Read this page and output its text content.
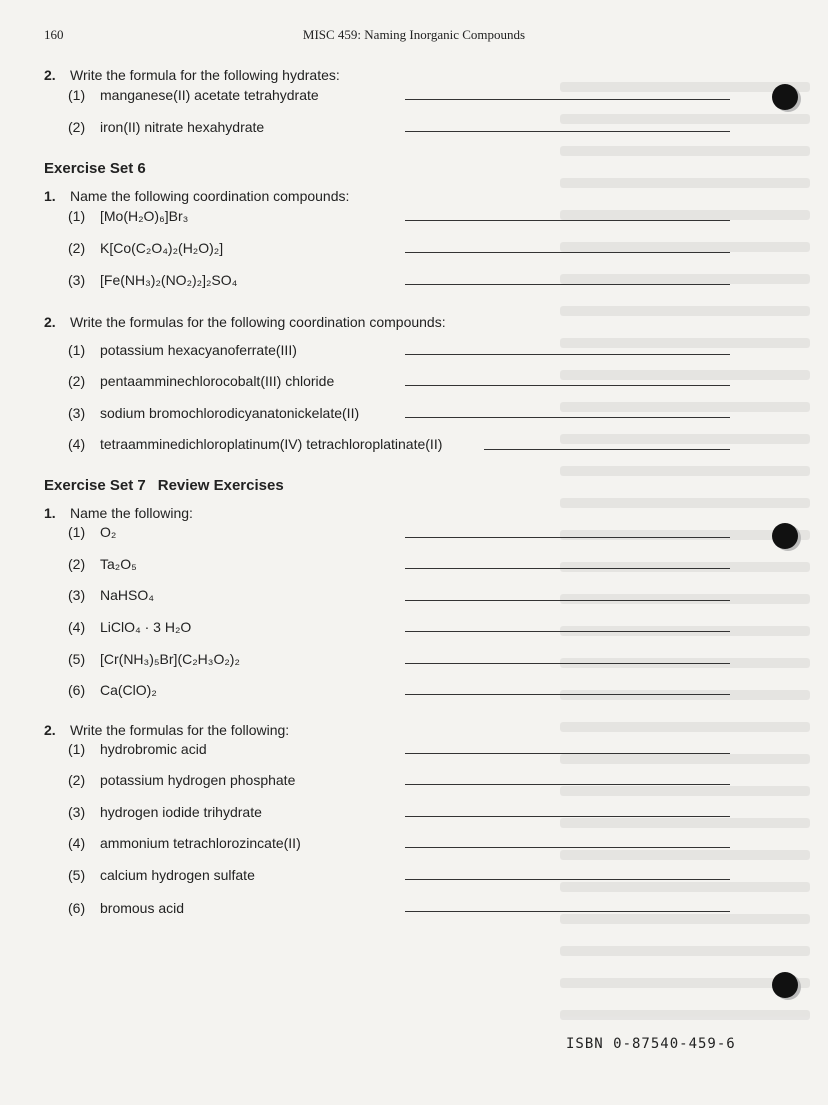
160	MISC 459: Naming Inorganic Compounds
2. Write the formula for the following hydrates:
(1) manganese(II) acetate tetrahydrate
(2) iron(II) nitrate hexahydrate
Exercise Set 6
1. Name the following coordination compounds:
(1) [Mo(H₂O)₆]Br₃
(2) K[Co(C₂O₄)₂(H₂O)₂]
(3) [Fe(NH₃)₂(NO₂)₂]₂SO₄
2. Write the formulas for the following coordination compounds:
(1) potassium hexacyanoferrate(III)
(2) pentaamminechlorocobalt(III) chloride
(3) sodium bromochlorodicyanatonickelate(II)
(4) tetraamminedichloroplatinum(IV) tetrachloroplatinate(II)
Exercise Set 7 Review Exercises
1. Name the following:
(1) O₂
(2) Ta₂O₅
(3) NaHSO₄
(4) LiClO₄ · 3 H₂O
(5) [Cr(NH₃)₅Br](C₂H₃O₂)₂
(6) Ca(ClO)₂
2. Write the formulas for the following:
(1) hydrobromic acid
(2) potassium hydrogen phosphate
(3) hydrogen iodide trihydrate
(4) ammonium tetrachlorozincate(II)
(5) calcium hydrogen sulfate
(6) bromous acid
ISBN 0-87540-459-6
